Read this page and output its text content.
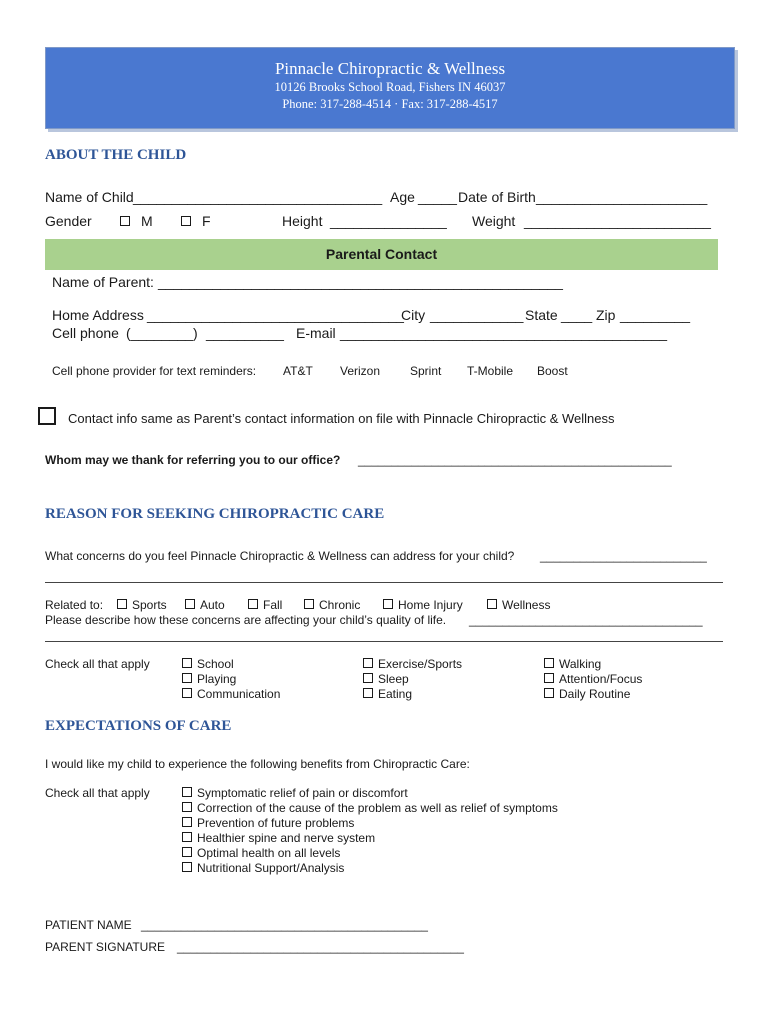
Pinnacle Chiropractic & Wellness
10126 Brooks School Road, Fishers IN 46037
Phone: 317-288-4514 · Fax: 317-288-4517
ABOUT THE CHILD
Name of Child ________________________________ Age _____ Date of Birth ______________________
Gender	M	F	Height _______________ Weight ________________________
Parental Contact
Name of Parent: ____________________________________________________
Home Address _________________________________
City ____________ State ____ Zip _________
Cell phone (________) __________ E-mail __________________________________________
Cell phone provider for text reminders: AT&T Verizon Sprint T-Mobile Boost
Contact info same as Parent’s contact information on file with Pinnacle Chiropractic & Wellness
Whom may we thank for referring you to our office? _______________________________________________
REASON FOR SEEKING CHIROPRACTIC CARE
What concerns do you feel Pinnacle Chiropractic & Wellness can address for your child? _________________________
Related to:	Sports	Auto	Fall	Chronic	Home Injury	Wellness
Please describe how these concerns are affecting your child’s quality of life. ___________________________________
Check all that apply	School
Playing
Communication
Exercise/Sports
Sleep
Eating
Walking
Attention/Focus
Daily Routine
EXPECTATIONS OF CARE
I would like my child to experience the following benefits from Chiropractic Care:
Check all that apply	Symptomatic relief of pain or discomfort
Correction of the cause of the problem as well as relief of symptoms
Prevention of future problems
Healthier spine and nerve system
Optimal health on all levels
Nutritional Support/Analysis
PATIENT NAME ___________________________________________
PARENT SIGNATURE ___________________________________________
